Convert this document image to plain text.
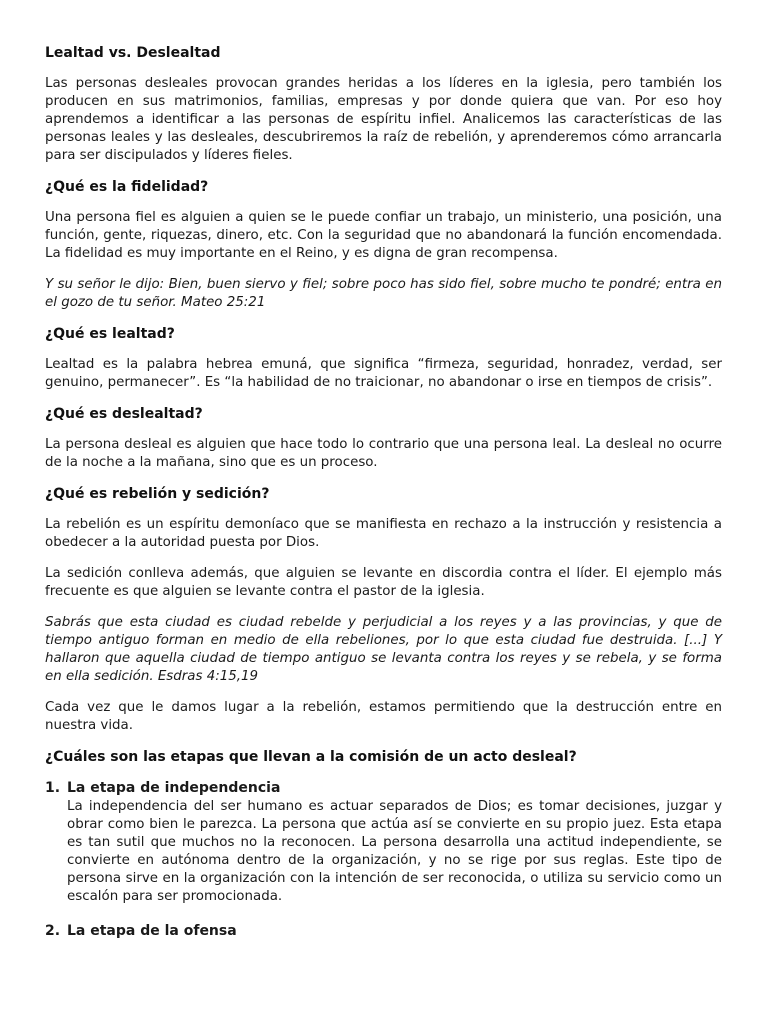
Lealtad vs. Deslealtad

Las personas desleales provocan grandes heridas a los líderes en la iglesia, pero también los producen en sus matrimonios, familias, empresas y por donde quiera que van. Por eso hoy aprendemos a identificar a las personas de espíritu infiel. Analicemos las características de las personas leales y las desleales, descubriremos la raíz de rebelión, y aprenderemos cómo arrancarla para ser discipulados y líderes fieles.

¿Qué es la fidelidad?

Una persona fiel es alguien a quien se le puede confiar un trabajo, un ministerio, una posición, una función, gente, riquezas, dinero, etc. Con la seguridad que no abandonará la función encomendada. La fidelidad es muy importante en el Reino, y es digna de gran recompensa.

Y su señor le dijo: Bien, buen siervo y fiel; sobre poco has sido fiel, sobre mucho te pondré; entra en el gozo de tu señor. Mateo 25:21

¿Qué es lealtad?

Lealtad es la palabra hebrea emuná, que significa “firmeza, seguridad, honradez, verdad, ser genuino, permanecer”. Es “la habilidad de no traicionar, no abandonar o irse en tiempos de crisis”.

¿Qué es deslealtad?

La persona desleal es alguien que hace todo lo contrario que una persona leal. La desleal no ocurre de la noche a la mañana, sino que es un proceso.

¿Qué es rebelión y sedición?

La rebelión es un espíritu demoníaco que se manifiesta en rechazo a la instrucción y resistencia a obedecer a la autoridad puesta por Dios.

La sedición conlleva además, que alguien se levante en discordia contra el líder. El ejemplo más frecuente es que alguien se levante contra el pastor de la iglesia.

Sabrás que esta ciudad es ciudad rebelde y perjudicial a los reyes y a las provincias, y que de tiempo antiguo forman en medio de ella rebeliones, por lo que esta ciudad fue destruida. [...] Y hallaron que aquella ciudad de tiempo antiguo se levanta contra los reyes y se rebela, y se forma en ella sedición. Esdras 4:15,19

Cada vez que le damos lugar a la rebelión, estamos permitiendo que la destrucción entre en nuestra vida.

¿Cuáles son las etapas que llevan a la comisión de un acto desleal?
1. La etapa de independencia
La independencia del ser humano es actuar separados de Dios; es tomar decisiones, juzgar y obrar como bien le parezca. La persona que actúa así se convierte en su propio juez. Esta etapa es tan sutil que muchos no la reconocen. La persona desarrolla una actitud independiente, se convierte en autónoma dentro de la organización, y no se rige por sus reglas. Este tipo de persona sirve en la organización con la intención de ser reconocida, o utiliza su servicio como un escalón para ser promocionada.
2. La etapa de la ofensa
